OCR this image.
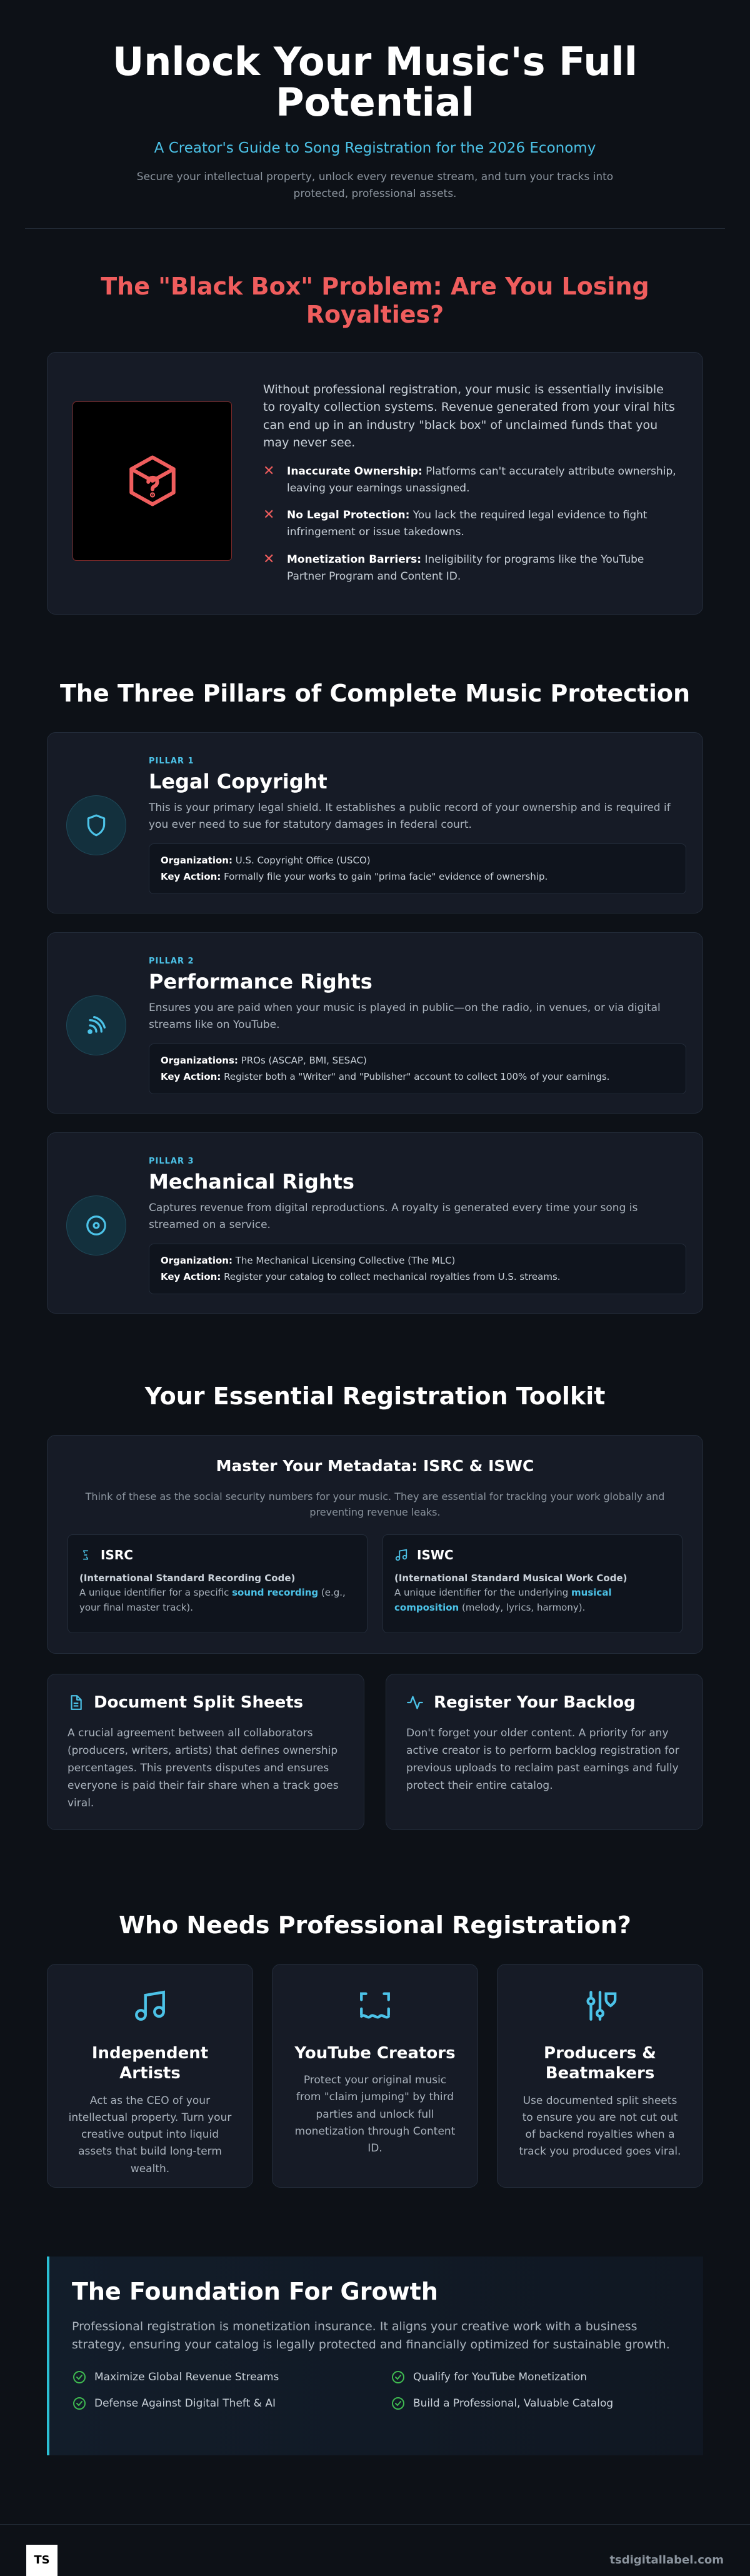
Unlock Your Music's Full Potential
A Creator's Guide to Song Registration for the 2026 Economy

Secure your intellectual property, unlock every revenue stream, and turn your tracks into protected, professional assets.

The "Black Box" Problem: Are You Losing Royalties?

Without professional registration, your music is essentially invisible to royalty collection systems. Revenue generated from your viral hits can end up in an industry "black box" of unclaimed funds that you may never see.

✕	Inaccurate Ownership: Platforms can't accurately attribute ownership, leaving your earnings unassigned.
✕	No Legal Protection: You lack the required legal evidence to fight infringement or issue takedowns.
✕	Monetization Barriers: Ineligibility for programs like the YouTube Partner Program and Content ID.
The Three Pillars of Complete Music Protection
PILLAR 1
Legal Copyright
This is your primary legal shield. It establishes a public record of your ownership and is required if you ever need to sue for statutory damages in federal court.
Organization: U.S. Copyright Office (USCO)
Key Action: Formally file your works to gain "prima facie" evidence of ownership.
PILLAR 2
Performance Rights
Ensures you are paid when your music is played in public—on the radio, in venues, or via digital streams like on YouTube.
Organizations: PROs (ASCAP, BMI, SESAC)
Key Action: Register both a "Writer" and "Publisher" account to collect 100% of your earnings.
PILLAR 3
Mechanical Rights
Captures revenue from digital reproductions. A royalty is generated every time your song is streamed on a service.
Organization: The Mechanical Licensing Collective (The MLC)
Key Action: Register your catalog to collect mechanical royalties from U.S. streams.
Your Essential Registration Toolkit
Master Your Metadata: ISRC & ISWC

Think of these as the social security numbers for your music. They are essential for tracking your work globally and preventing revenue leaks.

ISRC
(International Standard Recording Code)
A unique identifier for a specific sound recording (e.g., your final master track).
ISWC
(International Standard Musical Work Code)
A unique identifier for the underlying musical composition (melody, lyrics, harmony).
Document Split Sheets

A crucial agreement between all collaborators (producers, writers, artists) that defines ownership percentages. This prevents disputes and ensures everyone is paid their fair share when a track goes viral.

Register Your Backlog

Don't forget your older content. A priority for any active creator is to perform backlog registration for previous uploads to reclaim past earnings and fully protect their entire catalog.

Who Needs Professional Registration?
Independent Artists

Act as the CEO of your intellectual property. Turn your creative output into liquid assets that build long-term wealth.

YouTube Creators

Protect your original music from "claim jumping" by third parties and unlock full monetization through Content ID.

Producers & Beatmakers

Use documented split sheets to ensure you are not cut out of backend royalties when a track you produced goes viral.

The Foundation For Growth

Professional registration is monetization insurance. It aligns your creative work with a business strategy, ensuring your catalog is legally protected and financially optimized for sustainable growth.

Maximize Global Revenue Streams	Qualify for YouTube Monetization
Defense Against Digital Theft & AI	Build a Professional, Valuable Catalog
TS	tsdigitallabel.com
